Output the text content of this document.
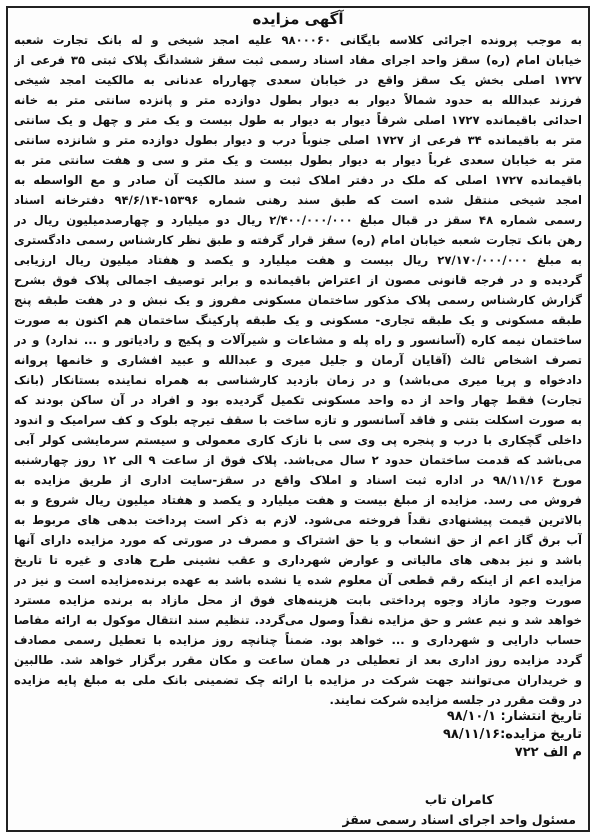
آگهی مزایده
به موجب پرونده اجرائی کلاسه بایگانی ۹۸۰۰۰۶۰ علیه امجد شیخی و له بانک تجارت شعبه
خیابان امام (ره) سقز واحد اجرای مفاد اسناد رسمی ثبت سقز ششدانگ پلاک ثبتی ۳۵ فرعی از
۱۷۲۷ اصلی بخش یک سقز واقع در خیابان سعدی چهارراه عدنانی به مالکیت امجد شیخی
فرزند عبدالله به حدود شمالاً دیوار به دیوار بطول دوازده متر و پانزده سانتی متر به خانه
احدائی باقیمانده ۱۷۲۷ اصلی شرقاً دیوار به دیوار به طول بیست و یک متر و چهل و یک سانتی
متر به باقیمانده ۳۴ فرعی از ۱۷۲۷ اصلی جنوباً درب و دیوار بطول دوازده متر و شانزده سانتی
متر به خیابان سعدی غرباً دیوار به دیوار بطول بیست و یک متر و سی و هفت سانتی متر به
باقیمانده ۱۷۲۷ اصلی که ملک در دفتر املاک ثبت و سند مالکیت آن صادر و مع الواسطه به
امجد شیخی منتقل شده است که طبق سند رهنی شماره ۱۵۳۹۶-۹۴/۶/۱۴ دفترخانه اسناد
رسمی شماره ۴۸ سقز در قبال مبلغ ۲/۴۰۰/۰۰۰/۰۰۰ ریال دو میلیارد و چهارصدمیلیون ریال در
رهن بانک تجارت شعبه خیابان امام (ره) سقز قرار گرفته و طبق نظر کارشناس رسمی دادگستری
به مبلغ ۲۷/۱۷۰/۰۰۰/۰۰۰ ریال بیست و هفت میلیارد و یکصد و هفتاد میلیون ریال ارزیابی
گردیده و در فرجه قانونی مصون از اعتراض باقیمانده و برابر توصیف اجمالی پلاک فوق بشرح
گزارش کارشناس رسمی پلاک مذکور ساختمان مسکونی مفروز و یک نبش و در هفت طبقه پنج
طبقه مسکونی و یک طبقه تجاری- مسکونی و یک طبقه پارکینگ ساختمان هم اکنون به صورت
ساختمان نیمه کاره (آسانسور و راه پله و مشاعات و شیرآلات و پکیج و رادیاتور و ... ندارد) و در
تصرف اشخاص ثالث (آقایان آرمان و جلیل میری و عبدالله و عبید افشاری و خانمها پروانه
دادخواه و پریا میری می‌باشد) و در زمان بازدید کارشناسی به همراه نماینده بستانکار (بانک
تجارت) فقط چهار واحد از ده واحد مسکونی تکمیل گردیده بود و افراد در آن ساکن بودند که
به صورت اسکلت بتنی و فاقد آسانسور و تازه ساخت با سقف تیرچه بلوک و کف سرامیک و اندود
داخلی گچکاری با درب و پنجره پی وی سی با نازک کاری معمولی و سیستم سرمایشی کولر آبی
می‌باشد که قدمت ساختمان حدود ۲ سال می‌باشد. پلاک فوق از ساعت ۹ الی ۱۲ روز چهارشنبه
مورخ ۹۸/۱۱/۱۶ در اداره ثبت اسناد و املاک واقع در سقز-سایت اداری از طریق مزایده به
فروش می رسد. مزایده از مبلغ بیست و هفت میلیارد و یکصد و هفتاد میلیون ریال شروع و به
بالاترین قیمت پیشنهادی نقداً فروخته می‌شود. لازم به ذکر است پرداخت بدهی های مربوط به
آب برق گاز اعم از حق انشعاب و یا حق اشتراک و مصرف در صورتی که مورد مزایده دارای آنها
باشد و نیز بدهی های مالیاتی و عوارض شهرداری و عقب نشینی طرح هادی و غیره تا تاریخ
مزایده اعم از اینکه رقم قطعی آن معلوم شده یا نشده باشد به عهده برنده‌مزایده است و نیز در
صورت وجود مازاد وجوه پرداختی بابت هزینه‌های فوق از محل مازاد به برنده مزایده مسترد
خواهد شد و نیم عشر و حق مزایده نقداً وصول می‌گردد. تنظیم سند انتقال موکول به ارائه مفاصا
حساب دارایی و شهرداری و ... خواهد بود. ضمناً چنانچه روز مزایده با تعطیل رسمی مصادف
گردد مزایده روز اداری بعد از تعطیلی در همان ساعت و مکان مقرر برگزار خواهد شد. طالبین
و خریداران می‌توانند جهت شرکت در مزایده با ارائه چک تضمینی بانک ملی به مبلغ پایه مزایده
در وقت مقرر در جلسه مزایده شرکت نمایند.
تاریخ انتشار: ۹۸/۱۰/۱
تاریخ مزایده:۹۸/۱۱/۱۶
م الف ۷۲۲
کامران تاب
مسئول واحد اجرای اسناد رسمی سقز
